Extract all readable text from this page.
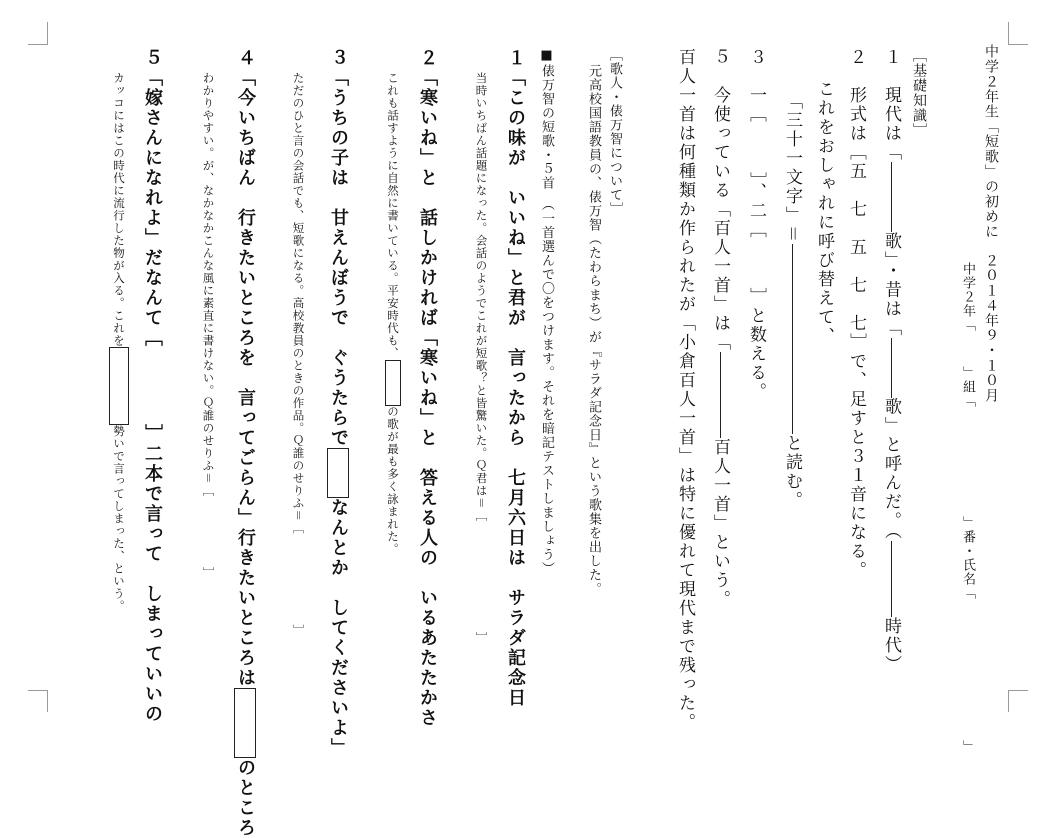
中学２年生「短歌」の初めに２０１４年９・１０月
中学２年「」組「」番・氏名「」
［基礎知識］
１　現代は「歌」・昔は「歌」と呼んだ。（時代）
２　形式は［五　七　五　七　七］で、足すと３１音になる。
これをおしゃれに呼び替えて、
「三十一文字」＝と読む。
３　一［］、二［］と数える。
５　今使っている「百人一首」は「百人一首」という。
百人一首は何種類か作られたが「小倉百人一首」は特に優れて現代まで残った。
［歌人・俵万智について］
元高校国語教員の、俵万智（たわらまち）が『サラダ記念日』という歌集を出した。
■俵万智の短歌・５首　（一首選んで〇をつけます。それを暗記テストしましょう）
１「この味が　いいね」と君が　言ったから　七月六日は　サラダ記念日
当時いちばん話題になった。会話のようでこれが短歌？と皆驚いた。Ｑ君は＝［］
２「寒いね」と　話しかければ「寒いね」と　答える人の　いるあたたかさ
これも話すように自然に書いている。平安時代も、の歌が最も多く詠まれた。
３「うちの子は　甘えんぼうで　ぐうたらでなんとか　してくださいよ」
ただのひと言の会話でも、短歌になる。高校教員のときの作品。Ｑ誰のせりふ＝［］
４「今いちばん　行きたいところを　言ってごらん」行きたいところはのところ
わかりやすい。が、なかなかこんな風に素直に書けない。Ｑ誰のせりふ＝［］
５「嫁さんになれよ」だなんて［］二本で言って　しまっていいの
カッコにはこの時代に流行した物が入る。これを勢いで言ってしまった、という。
